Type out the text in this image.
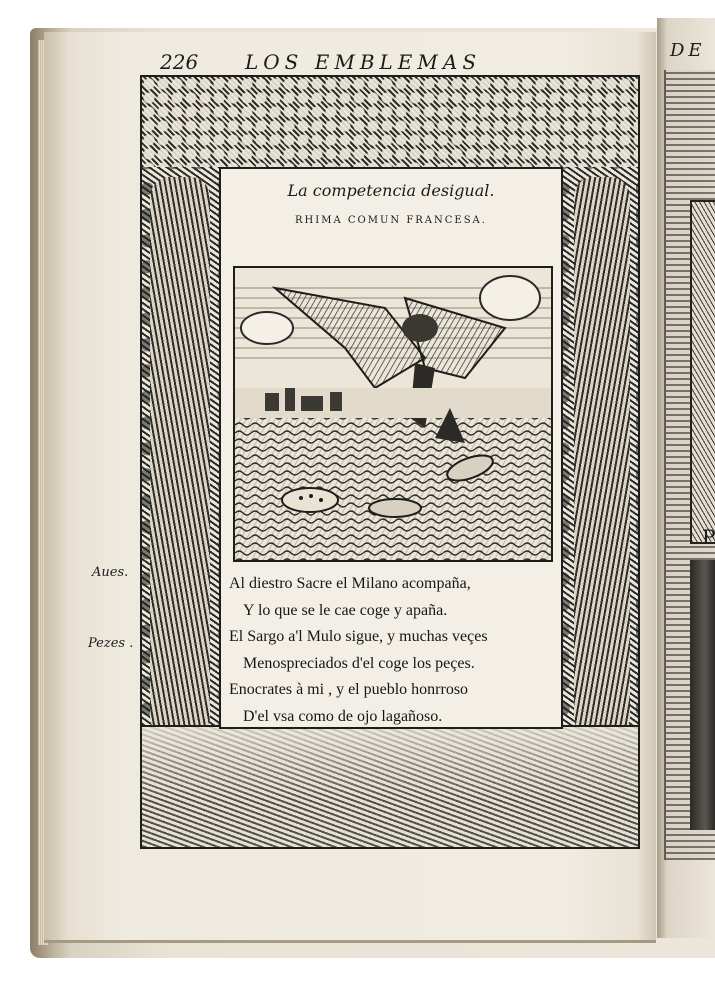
DE
P
226 LOS EMBLEMAS
Aues.
Pezes .
La competencia desigual.
RHIMA COMUN FRANCESA.
Al diestro Sacre el Milano acompaña,
Y lo que se le cae coge y apaña.
El Sargo a'l Mulo sigue, y muchas veçes
Menospreciados d'el coge los peçes.
Enocrates à mi , y el pueblo honrroso
D'el vsa como de ojo lagañoso.
